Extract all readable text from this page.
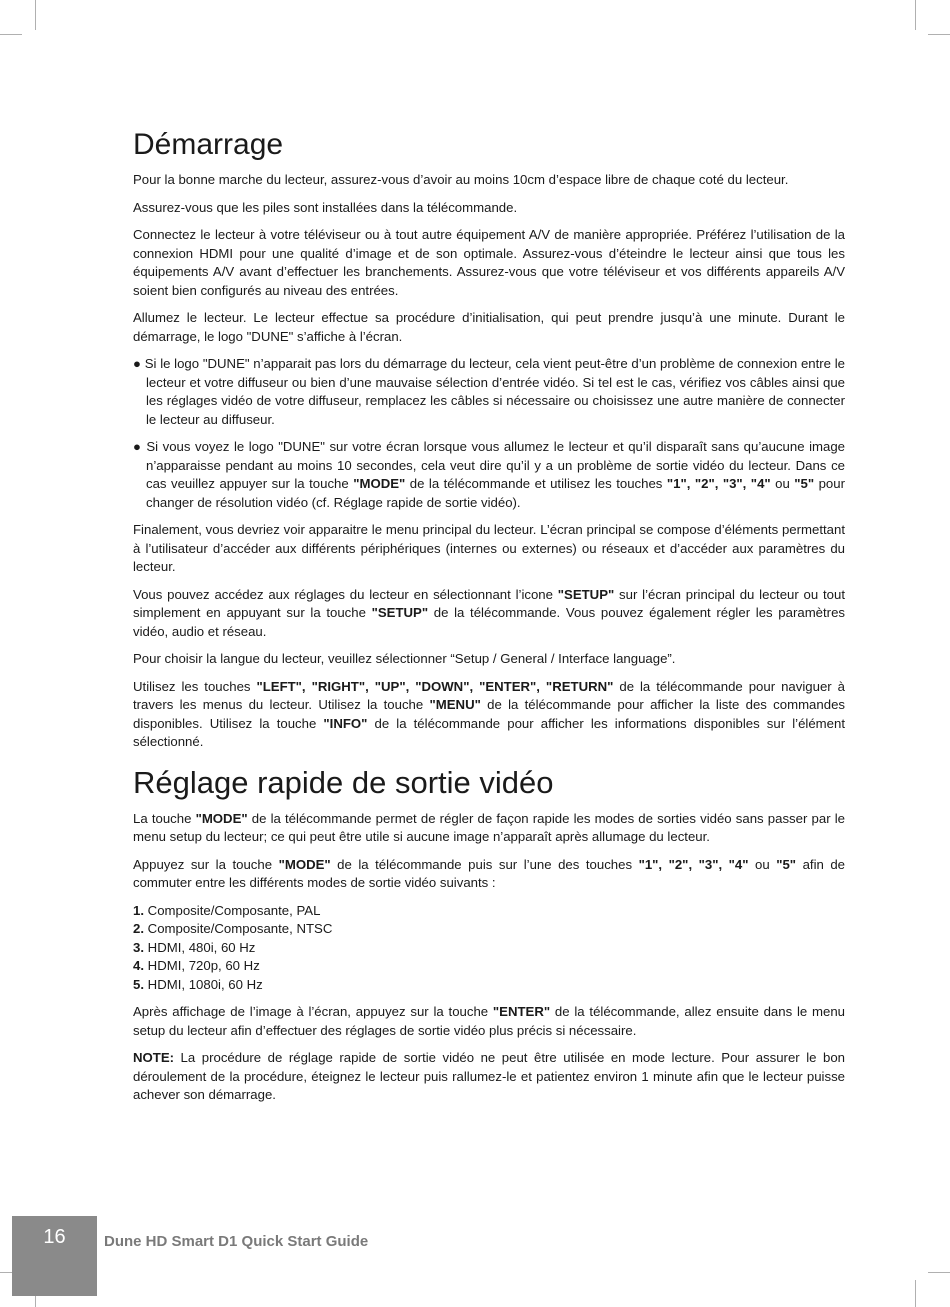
Démarrage

Pour la bonne marche du lecteur, assurez-vous d’avoir au moins 10cm d’espace libre de chaque coté du lecteur.

Assurez-vous que les piles sont installées dans la télécommande.

Connectez le lecteur à votre téléviseur ou à tout autre équipement A/V de manière appropriée. Préférez l’utilisation de la connexion HDMI pour une qualité d’image et de son optimale. Assurez-vous d’éteindre le lecteur ainsi que tous les équipements A/V avant d’effectuer les branchements. Assurez-vous que votre téléviseur et vos différents appareils A/V soient bien configurés au niveau des entrées.

Allumez le lecteur. Le lecteur effectue sa procédure d’initialisation, qui peut prendre jusqu’à une minute. Durant le démarrage, le logo "DUNE" s’affiche à l’écran.

● Si le logo "DUNE" n’apparait pas lors du démarrage du lecteur, cela vient peut-être d’un problème de connexion entre le lecteur et votre diffuseur ou bien d’une mauvaise sélection d’entrée vidéo. Si tel est le cas, vérifiez vos câbles ainsi que les réglages vidéo de votre diffuseur, remplacez les câbles si nécessaire ou choisissez une autre manière de connecter le lecteur au diffuseur.
● Si vous voyez le logo "DUNE" sur votre écran lorsque vous allumez le lecteur et qu’il disparaît sans qu’aucune image n’apparaisse pendant au moins 10 secondes, cela veut dire qu’il y a un problème de sortie vidéo du lecteur. Dans ce cas veuillez appuyer sur la touche "MODE" de la télécommande et utilisez les touches "1", "2", "3", "4" ou "5" pour changer de résolution vidéo (cf. Réglage rapide de sortie vidéo).

Finalement, vous devriez voir apparaitre le menu principal du lecteur. L’écran principal se compose d’éléments permettant à l’utilisateur d’accéder aux différents périphériques (internes ou externes) ou réseaux et d’accéder aux paramètres du lecteur.

Vous pouvez accédez aux réglages du lecteur en sélectionnant l’icone "SETUP" sur l’écran principal du lecteur ou tout simplement en appuyant sur la touche "SETUP" de la télécommande. Vous pouvez également régler les paramètres vidéo, audio et réseau.

Pour choisir la langue du lecteur, veuillez sélectionner “Setup / General / Interface language”.

Utilisez les touches "LEFT", "RIGHT", "UP", "DOWN", "ENTER", "RETURN" de la télécommande pour naviguer à travers les menus du lecteur. Utilisez la touche "MENU" de la télécommande pour afficher la liste des commandes disponibles. Utilisez la touche "INFO" de la télécommande pour afficher les informations disponibles sur l’élément sélectionné.

Réglage rapide de sortie vidéo

La touche "MODE" de la télécommande permet de régler de façon rapide les modes de sorties vidéo sans passer par le menu setup du lecteur; ce qui peut être utile si aucune image n’apparaît après allumage du lecteur.

Appuyez sur la touche "MODE" de la télécommande puis sur l’une des touches "1", "2", "3", "4" ou "5" afin de commuter entre les différents modes de sortie vidéo suivants :

1. Composite/Composante, PAL
2. Composite/Composante, NTSC
3. HDMI, 480i, 60 Hz
4. HDMI, 720p, 60 Hz
5. HDMI, 1080i, 60 Hz

Après affichage de l’image à l’écran, appuyez sur la touche "ENTER" de la télécommande, allez ensuite dans le menu setup du lecteur afin d’effectuer des réglages de sortie vidéo plus précis si nécessaire.

NOTE: La procédure de réglage rapide de sortie vidéo ne peut être utilisée en mode lecture. Pour assurer le bon déroulement de la procédure, éteignez le lecteur puis rallumez-le et patientez environ 1 minute afin que le lecteur puisse achever son démarrage.

16	Dune HD Smart D1 Quick Start Guide
